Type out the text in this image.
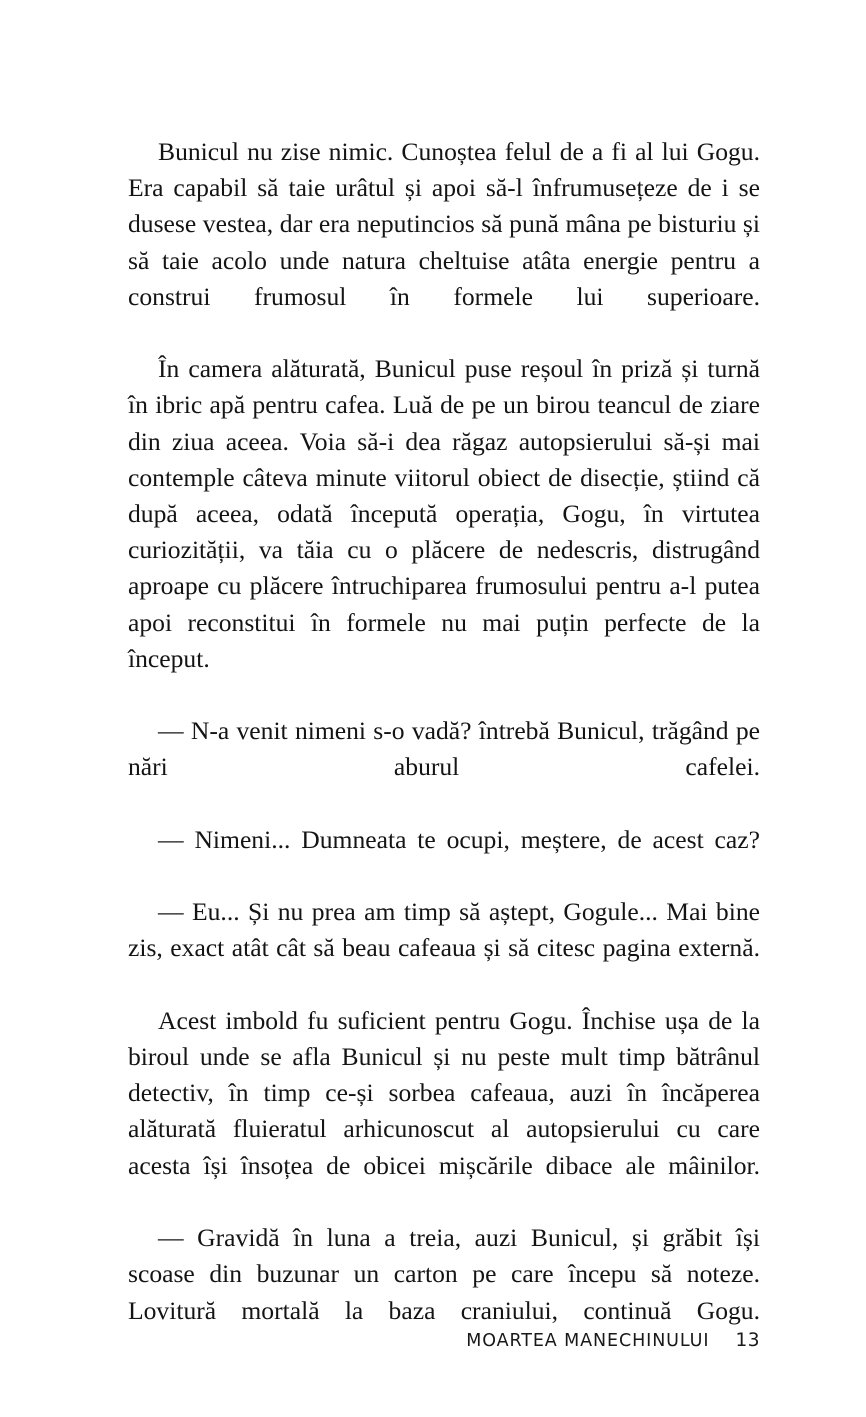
Bunicul nu zise nimic. Cunoștea felul de a fi al lui Gogu. Era capabil să taie urâtul și apoi să-l înfrumusețeze de i se dusese vestea, dar era neputincios să pună mâna pe bisturiu și să taie acolo unde natura cheltuise atâta energie pentru a construi frumosul în formele lui superioare.

În camera alăturată, Bunicul puse reșoul în priză și turnă în ibric apă pentru cafea. Luă de pe un birou teancul de ziare din ziua aceea. Voia să-i dea răgaz autopsierului să-și mai contemple câteva minute viitorul obiect de disecție, știind că după aceea, odată începută operația, Gogu, în virtutea curiozității, va tăia cu o plăcere de nedescris, distrugând aproape cu plăcere întruchiparea frumosului pentru a-l putea apoi reconstitui în formele nu mai puțin perfecte de la început.

— N-a venit nimeni s-o vadă? întrebă Bunicul, trăgând pe nări aburul cafelei.

— Nimeni... Dumneata te ocupi, meștere, de acest caz?

— Eu... Și nu prea am timp să aștept, Gogule... Mai bine zis, exact atât cât să beau cafeaua și să citesc pagina externă.

Acest imbold fu suficient pentru Gogu. Închise ușa de la biroul unde se afla Bunicul și nu peste mult timp bătrânul detectiv, în timp ce-și sorbea cafeaua, auzi în încăperea alăturată fluieratul arhicunoscut al autopsierului cu care acesta își însoțea de obicei mișcările dibace ale mâinilor.

— Gravidă în luna a treia, auzi Bunicul, și grăbit își scoase din buzunar un carton pe care începu să noteze. Lovitură mortală la baza craniului, continuă Gogu.

MOARTEA MANECHINULUI 13
